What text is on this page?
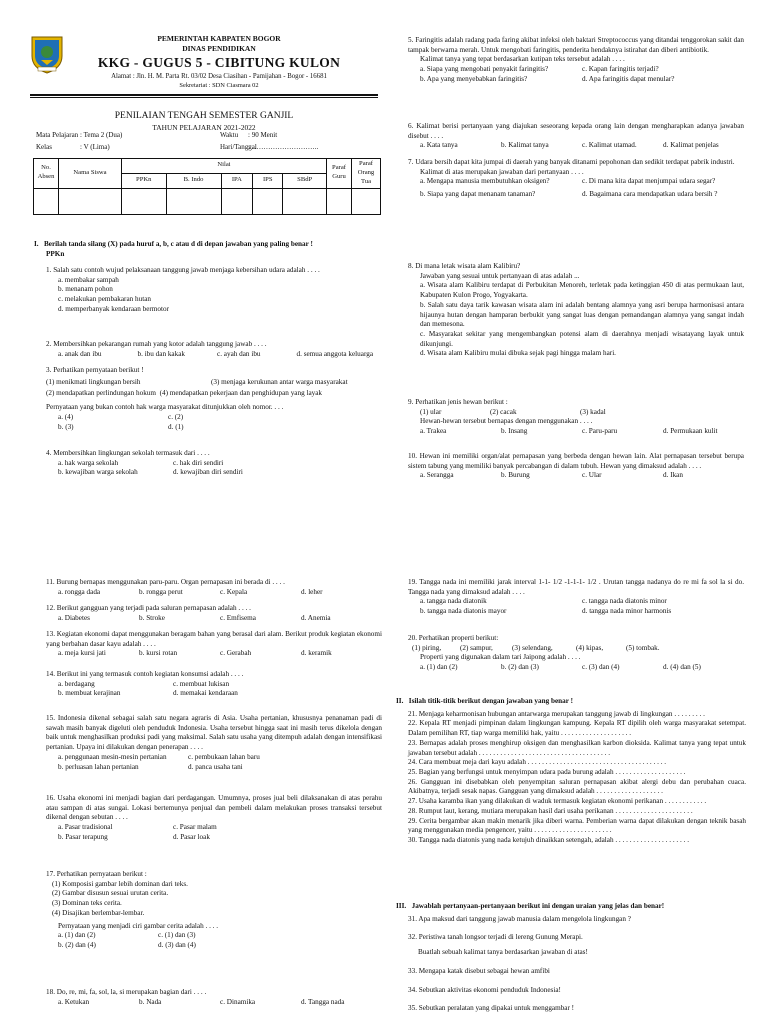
PEMERINTAH KABPATEN BOGOR
DINAS PENDIDIKAN
KKG - GUGUS 5 - CIBITUNG KULON
Alamat : Jln. H. M. Parta Rt. 03/02 Desa Ciasihan - Pamijahan - Bogor - 16681
Sekretariat : SDN Ciasmara 02
PENILAIAN TENGAH SEMESTER GANJIL
TAHUN PELAJARAN 2021-2022
Mata Pelajaran : Tema 2 (Dua)	Waktu	: 90 Menit
Kelas	: V (Lima)	Hari/Tanggal
: ………………………..
No.
Absen	Nama Siswa	Nilai					Paraf Guru	Paraf Orang Tua
		PPKn	B. Indo	IPA	IPS	SBdP		

I. Berilah tanda silang (X) pada huruf a, b, c atau d di depan jawaban yang paling benar !
PPKn
1. Salah satu contoh wujud pelaksanaan tanggung jawab menjaga kebersihan udara adalah . . . .
a. membakar sampah
b. menanam pohon
c. melakukan pembakaran hutan
d. memperbanyak kendaraan bermotor
2. Membersihkan pekarangan rumah yang kotor adalah tanggung jawab . . . .
a. anak dan ibu	b. ibu dan kakak	c. ayah dan ibu	d. semua anggota keluarga
3. Perhatikan pernyataan berikut !
(1) menikmati lingkungan bersih	(3) menjaga kerukunan antar warga masyarakat
(2) mendapatkan perlindungan hokum (4) mendapatkan pekerjaan dan penghidupan yang layak
Pernyataan yang bukan contoh hak warga masyarakat ditunjukkan oleh nomor. . . .
a. (4)	c. (2)
b. (3)	d. (1)
4. Membersihkan lingkungan sekolah termasuk dari . . . .
a. hak warga sekolah	c. hak diri sendiri
b. kewajiban warga sekolah	d. kewajiban diri sendiri
5. Faringitis adalah radang pada faring akibat infeksi oleh baktari Streptococcus yang ditandai tenggorokan sakit dan tampak berwarna merah. Untuk mengobati faringitis, penderita hendaknya istirahat dan diberi antibiotik.
Kalimat tanya yang tepat berdasarkan kutipan teks tersebut adalah . . . .
a. Siapa yang mengobati penyakit faringitis?	c. Kapan faringitis terjadi?
b. Apa yang menyebabkan faringitis?	d. Apa faringitis dapat menular?
6. Kalimat berisi pertanyaan yang diajukan seseorang kepada orang lain dengan mengharapkan adanya jawaban disebut . . . .
a. Kata tanya	b. Kalimat tanya	c. Kalimat utamad.	d. Kalimat penjelas
7. Udara bersih dapat kita jumpai di daerah yang banyak ditanami pepohonan dan sedikit terdapat pabrik industri.
Kalimat di atas merupakan jawaban dari pertanyaan . . . .
a. Mengapa manusia membutuhkan oksigen?	c. Di mana kita dapat menjumpai udara segar?
b. Siapa yang dapat menanam tanaman?	d. Bagaimana cara mendapatkan udara bersih ?
8. Di mana letak wisata alam Kalibiru?
Jawaban yang sesuai untuk pertanyaan di atas adalah ...
a. Wisata alam Kalibiru terdapat di Perbukitan Menoreh, terletak pada ketinggian 450 di atas permukaan laut, Kabupaten Kulon Progo, Yogyakarta.
b. Salah satu daya tarik kawasan wisata alam ini adalah bentang alamnya yang asri berupa harmonisasi antara hijaunya hutan dengan hamparan berbukit yang sangat luas dengan pemandangan alamnya yang sangat indah dan memesona.
c. Masyarakat sekitar yang mengembangkan potensi alam di daerahnya menjadi wisatayang layak untuk dikunjungi.
d. Wisata alam Kalibiru mulai dibuka sejak pagi hingga malam hari.
9. Perhatikan jenis hewan berikut :
(1) ular	(2) cacak	(3) kadal
Hewan-hewan tersebut bernapas dengan menggunakan . . . .
a. Trakea	b. Insang	c. Paru-paru	d. Permukaan kulit
10. Hewan ini memiliki organ/alat pernapasan yang berbeda dengan hewan lain. Alat pernapasan tersebut berupa sistem tabung yang memiliki banyak percabangan di dalam tubuh. Hewan yang dimaksud adalah . . . .
a. Serangga	b. Burung	c. Ular	d. Ikan
11. Burung bernapas menggunakan paru-paru. Organ pernapasan ini berada di . . . .
a. rongga dada	b. rongga perut	c. Kepala	d. leher
12. Berikut gangguan yang terjadi pada saluran pernapasan adalah . . . .
a. Diabetes	b. Stroke	c. Emfisema	d. Anemia
13. Kegiatan ekonomi dapat menggunakan beragam bahan yang berasal dari alam. Berikut produk kegiatan ekonomi yang berbahan dasar kayu adalah . . . .
a. meja kursi jati	b. kursi rotan	c. Gerabah	d. keramik
14. Berikut ini yang termasuk contoh kegiatan konsumsi adalah . . . .
a. berdagang	c. membuat lukisan
b. membuat kerajinan	d. memakai kendaraan
15. Indonesia dikenal sebagai salah satu negara agraris di Asia. Usaha pertanian, khususnya penanaman padi di sawah masih banyak digeluti oleh penduduk Indonesia. Usaha tersebut hingga saat ini masih terus dikelola dengan baik untuk menghasilkan produksi padi yang maksimal. Salah satu usaha yang ditempuh adalah dengan intensifikasi pertanian. Upaya ini dilakukan dengan penerapan . . . .
a. penggunaan mesin-mesin pertanian	c. pembukaan lahan baru
b. perluasan lahan pertanian	d. panca usaha tani
16. Usaha ekonomi ini menjadi bagian dari perdagangan. Umumnya, proses jual beli dilaksanakan di atas perahu atau sampan di atas sungai. Lokasi bertemunya penjual dan pembeli dalam melakukan proses transaksi tersebut dikenal dengan sebutan . . . .
a. Pasar tradisional	c. Pasar malam
b. Pasar terapung	d. Pasar loak
17. Perhatikan pernyataan berikut :
(1) Komposisi gambar lebih dominan dari teks.
(2) Gambar disusun sesuai urutan cerita.
(3) Dominan teks cerita.
(4) Disajikan berlembar-lembar.
Pernyataan yang menjadi ciri gambar cerita adalah . . . .
a. (1) dan (2)	c. (1) dan (3)
b. (2) dan (4)	d. (3) dan (4)
18. Do, re, mi, fa, sol, la, si merupakan bagian dari . . . .
a. Ketukan	b. Nada	c. Dinamika	d. Tangga nada
19. Tangga nada ini memiliki jarak interval 1-1- 1/2 -1-1-1- 1/2 . Urutan tangga nadanya do re mi fa sol la si do. Tangga nada yang dimaksud adalah . . . .
a. tangga nada diatonik	c. tangga nada diatonis minor
b. tangga nada diatonis mayor	d. tangga nada minor harmonis
20. Perhatikan properti berikut:
(1) piring,	(2) sampur,	(3) selendang,	(4) kipas,	(5) tombak.
Properti yang digunakan dalam tari Jaipong adalah . . . .
a. (1) dan (2)	b. (2) dan (3)	c. (3) dan (4)	d. (4) dan (5)
II. Isilah titik-titik berikut dengan jawaban yang benar !
21. Menjaga keharmonisan hubungan antarwarga merupakan tanggung jawab di lingkungan . . . . . . . . .
22. Kepala RT menjadi pimpinan dalam lingkungan kampung. Kepala RT dipilih oleh warga masyarakat setempat. Dalam pemilihan RT, tiap warga memiliki hak, yaitu . . . . . . . . . . . . . . . . . . . .
23. Bernapas adalah proses menghirup oksigen dan menghasilkan karbon dioksida. Kalimat tanya yang tepat untuk jawaban tersebut adalah . . . . . . . . . . . . . . . . . . . . . . . . . . . . . . . . . . . . .
24. Cara membuat meja dari kayu adalah . . . . . . . . . . . . . . . . . . . . . . . . . . . . . . . . . . . . . . .
25. Bagian yang berfungsi untuk menyimpan udara pada burung adalah . . . . . . . . . . . . . . . . . . . .
26. Gangguan ini disebabkan oleh penyempitan saluran pernapasan akibat alergi debu dan perubahan cuaca. Akibatnya, terjadi sesak napas. Gangguan yang dimaksud adalah . . . . . . . . . . . . . . . . . . .
27. Usaha karamba ikan yang dilakukan di waduk termasuk kegiatan ekonomi perikanan . . . . . . . . . . . .
28. Rumput laut, kerang, mutiara merupakan hasil dari usaha perikanan . . . . . . . . . . . . . . . . . . . . . .
29. Cerita bergambar akan makin menarik jika diberi warna. Pemberian warna dapat dilakukan dengan teknik basah yang menggunakan media pengencer, yaitu . . . . . . . . . . . . . . . . . . . . . .
30. Tangga nada diatonis yang nada ketujuh dinaikkan setengah, adalah . . . . . . . . . . . . . . . . . . . . .
III. Jawablah pertanyaan-pertanyaan berikut ini dengan uraian yang jelas dan benar!
31. Apa maksud dari tanggung jawab manusia dalam mengelola lingkungan ?
32. Peristiwa tanah longsor terjadi di lereng Gunung Merapi.
Buatlah sebuah kalimat tanya berdasarkan jawaban di atas!
33. Mengapa katak disebut sebagai hewan amfibi
34. Sebutkan aktivitas ekonomi penduduk Indonesia!
35. Sebutkan peralatan yang dipakai untuk menggambar !
